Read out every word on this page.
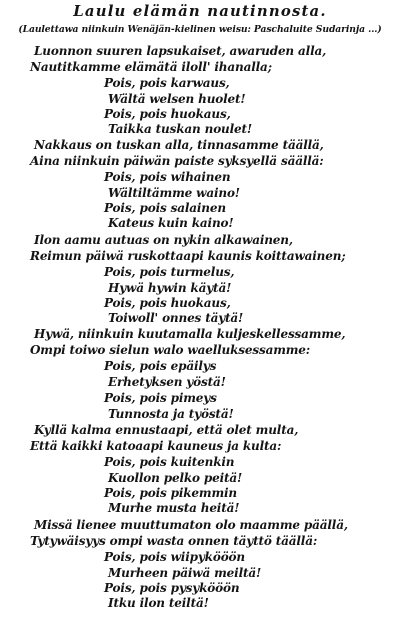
Laulu elämän nautinnosta.
(Laulettawa niinkuin Wenäjän-kielinen weisu: Paschaluite Sudarinja ...)
Luonnon suuren lapsukaiset, awaruden alla,
Nautitkamme elämätä iloll' ihanalla;
Pois, pois karwaus,
Wältä welsen huolet!
Pois, pois huokaus,
Taikka tuskan noulet!
Nakkaus on tuskan alla, tinnasamme täällä,
Aina niinkuin päiwän paiste syksyellä säällä:
Pois, pois wihainen
Wältiltämme waino!
Pois, pois salainen
Kateus kuin kaino!
Ilon aamu autuas on nykin alkawainen,
Reimun päiwä ruskottaapi kaunis koittawainen;
Pois, pois turmelus,
Hywä hywin käytä!
Pois, pois huokaus,
Toiwoll' onnes täytä!
Hywä, niinkuin kuutamalla kuljeskellessamme,
Ompi toiwo sielun walo waelluksessamme:
Pois, pois epäilys
Erhetyksen yöstä!
Pois, pois pimeys
Tunnosta ja työstä!
Kyllä kalma ennustaapi, että olet multa,
Että kaikki katoaapi kauneus ja kulta:
Pois, pois kuitenkin
Kuollon pelko peitä!
Pois, pois pikemmin
Murhe musta heitä!
Missä lienee muuttumaton olo maamme päällä,
Tytywäisyys ompi wasta onnen täyttö täällä:
Pois, pois wiipykööön
Murheen päiwä meiltä!
Pois, pois pysykööön
Itku ilon teiltä!
